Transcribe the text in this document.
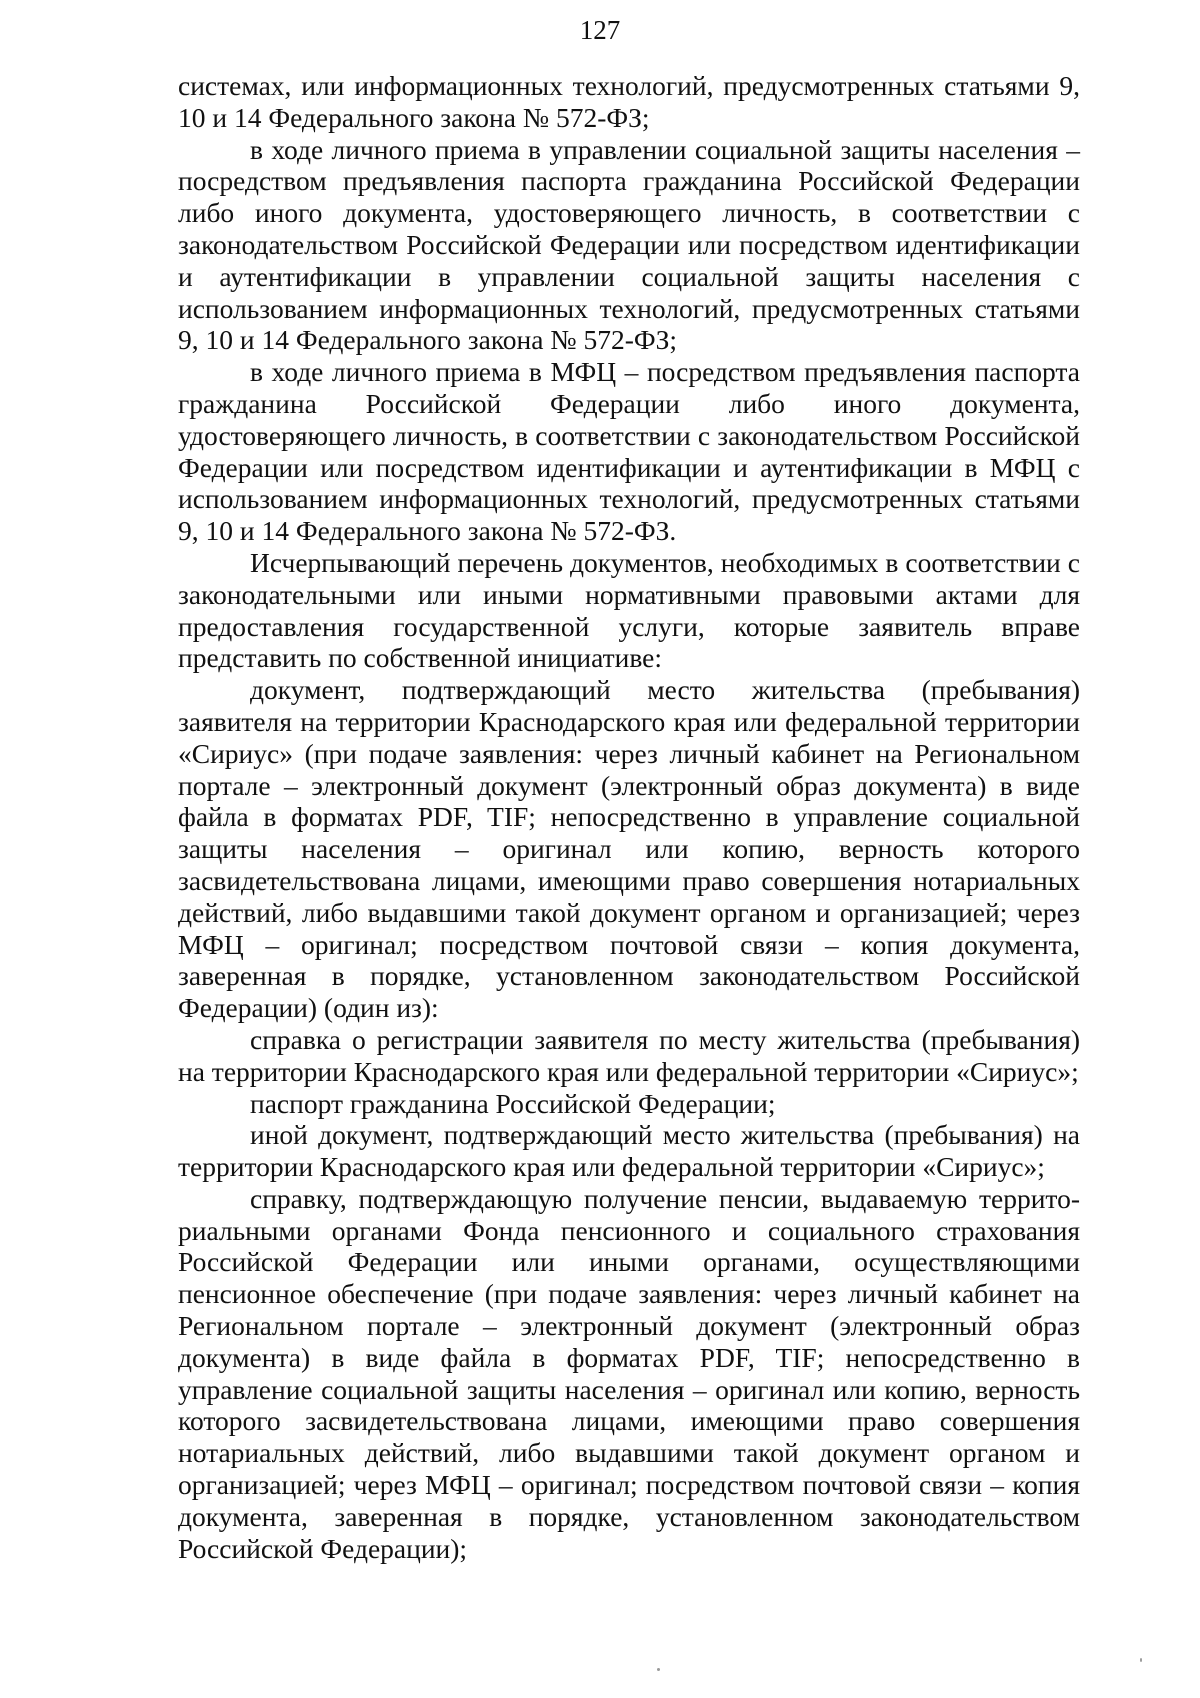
127

системах, или информационных технологий, предусмотренных статьями 9, 10 и 14 Федерального закона № 572-ФЗ;

в ходе личного приема в управлении социальной защиты населения – посредством предъявления паспорта гражданина Российской Федерации либо иного документа, удостоверяющего личность, в соответствии с законодательством Российской Федерации или посредством идентификации и аутентификации в управлении социальной защиты населения с использованием информационных технологий, предусмотренных статьями 9, 10 и 14 Федерального закона № 572-ФЗ;

в ходе личного приема в МФЦ – посредством предъявления паспорта гражданина Российской Федерации либо иного документа, удостоверяющего личность, в соответствии с законодательством Российской Федерации или посредством идентификации и аутентификации в МФЦ с использованием информационных технологий, предусмотренных статьями 9, 10 и 14 Федерального закона № 572-ФЗ.

Исчерпывающий перечень документов, необходимых в соответствии с законодательными или иными нормативными правовыми актами для предоставления государственной услуги, которые заявитель вправе представить по собственной инициативе:

документ, подтверждающий место жительства (пребывания) заявителя на территории Краснодарского края или федеральной территории «Сириус» (при подаче заявления: через личный кабинет на Региональном портале – электронный документ (электронный образ документа) в виде файла в форматах PDF, TIF; непосредственно в управление социальной защиты населения – оригинал или копию, верность которого засвидетельствована лицами, имеющими право совершения нотариальных действий, либо выдавшими такой документ органом и организацией; через МФЦ – оригинал; посредством почтовой связи – копия документа, заверенная в порядке, установленном законодательством Российской Федерации) (один из):

справка о регистрации заявителя по месту жительства (пребывания) на территории Краснодарского края или федеральной территории «Сириус»;

паспорт гражданина Российской Федерации;

иной документ, подтверждающий место жительства (пребывания) на территории Краснодарского края или федеральной территории «Сириус»;

справку, подтверждающую получение пенсии, выдаваемую территориальными органами Фонда пенсионного и социального страхования Российской Федерации или иными органами, осуществляющими пенсионное обеспечение (при подаче заявления: через личный кабинет на Региональном портале – электронный документ (электронный образ документа) в виде файла в форматах PDF, TIF; непосредственно в управление социальной защиты населения – оригинал или копию, верность которого засвидетельствована лицами, имеющими право совершения нотариальных действий, либо выдавшими такой документ органом и организацией; через МФЦ – оригинал; посредством почтовой связи – копия документа, заверенная в порядке, установленном законодательством Российской Федерации);
